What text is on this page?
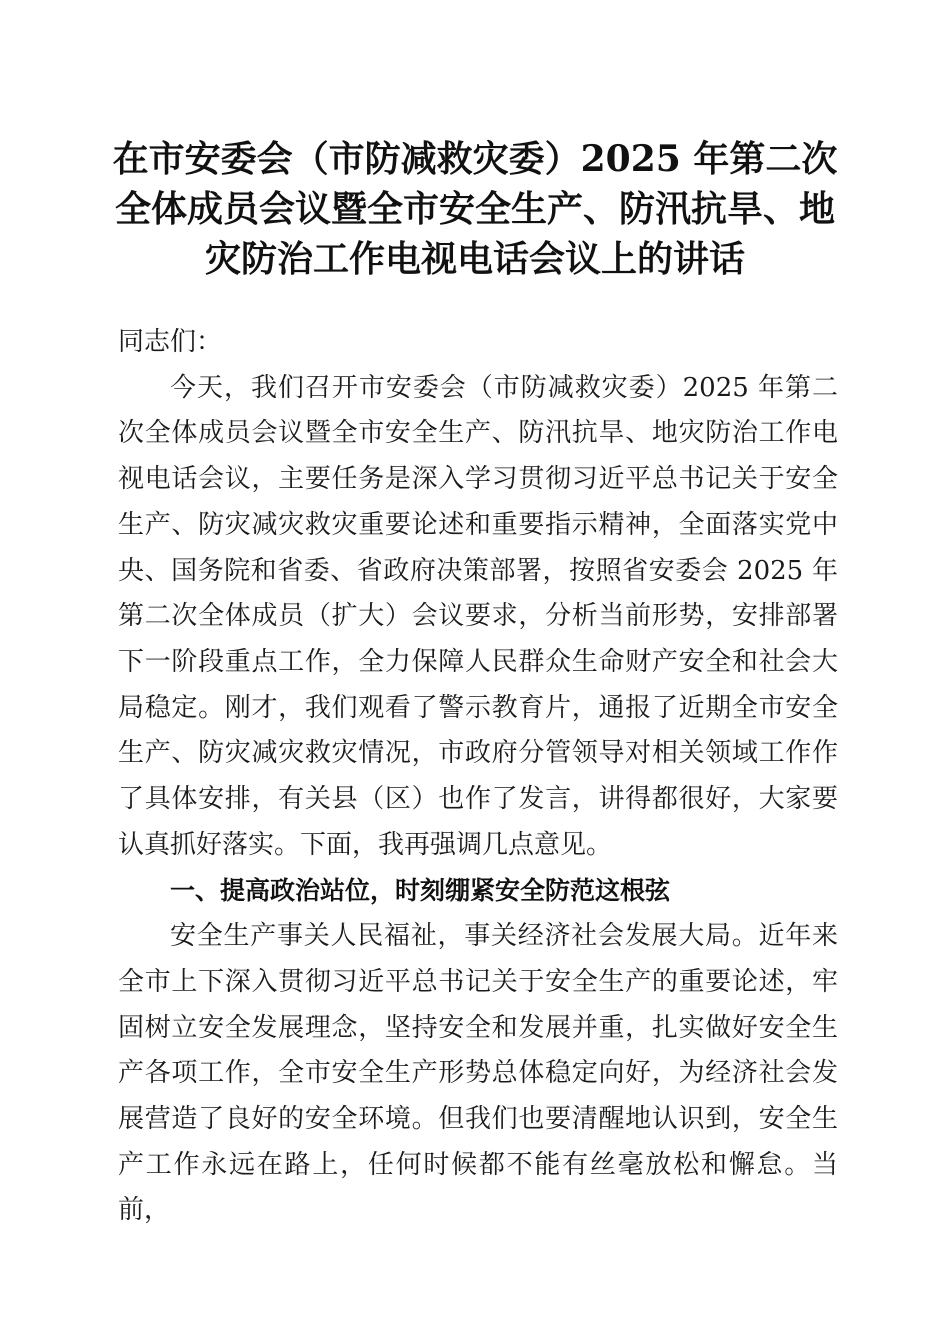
在市安委会（市防减救灾委）2025 年第二次
全体成员会议暨全市安全生产、防汛抗旱、地
灾防治工作电视电话会议上的讲话

同志们：

今天，我们召开市安委会（市防减救灾委）2025 年第二次全体成员会议暨全市安全生产、防汛抗旱、地灾防治工作电视电话会议，主要任务是深入学习贯彻习近平总书记关于安全生产、防灾减灾救灾重要论述和重要指示精神，全面落实党中央、国务院和省委、省政府决策部署，按照省安委会 2025 年第二次全体成员（扩大）会议要求，分析当前形势，安排部署下一阶段重点工作，全力保障人民群众生命财产安全和社会大局稳定。刚才，我们观看了警示教育片，通报了近期全市安全生产、防灾减灾救灾情况，市政府分管领导对相关领域工作作了具体安排，有关县（区）也作了发言，讲得都很好，大家要认真抓好落实。下面，我再强调几点意见。

一、提高政治站位，时刻绷紧安全防范这根弦

安全生产事关人民福祉，事关经济社会发展大局。近年来全市上下深入贯彻习近平总书记关于安全生产的重要论述，牢固树立安全发展理念，坚持安全和发展并重，扎实做好安全生产各项工作，全市安全生产形势总体稳定向好，为经济社会发展营造了良好的安全环境。但我们也要清醒地认识到，安全生产工作永远在路上，任何时候都不能有丝毫放松和懈怠。当前，
